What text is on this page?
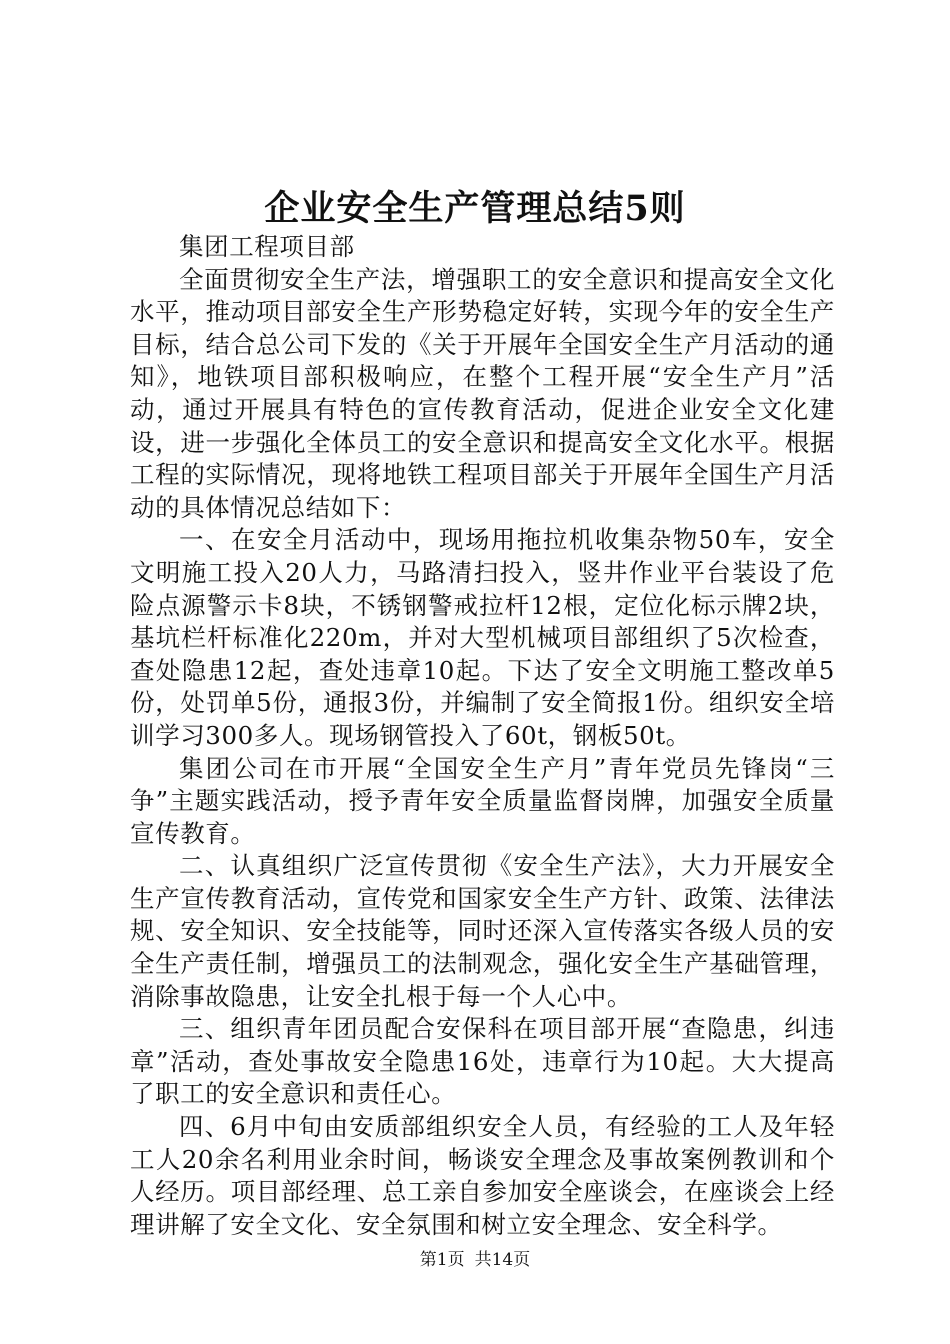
企业安全生产管理总结5则

集团工程项目部

全面贯彻安全生产法，增强职工的安全意识和提高安全文化水平，推动项目部安全生产形势稳定好转，实现今年的安全生产目标，结合总公司下发的《关于开展年全国安全生产月活动的通知》，地铁项目部积极响应，在整个工程开展“安全生产月”活动，通过开展具有特色的宣传教育活动，促进企业安全文化建设，进一步强化全体员工的安全意识和提高安全文化水平。根据工程的实际情况，现将地铁工程项目部关于开展年全国生产月活动的具体情况总结如下：

一、在安全月活动中，现场用拖拉机收集杂物50车，安全文明施工投入20人力，马路清扫投入，竖井作业平台装设了危险点源警示卡8块，不锈钢警戒拉杆12根，定位化标示牌2块，基坑栏杆标准化220m，并对大型机械项目部组织了5次检查，查处隐患12起，查处违章10起。下达了安全文明施工整改单5份，处罚单5份，通报3份，并编制了安全简报1份。组织安全培训学习300多人。现场钢管投入了60t，钢板50t。

集团公司在市开展“全国安全生产月”青年党员先锋岗“三争”主题实践活动，授予青年安全质量监督岗牌，加强安全质量宣传教育。

二、认真组织广泛宣传贯彻《安全生产法》，大力开展安全生产宣传教育活动，宣传党和国家安全生产方针、政策、法律法规、安全知识、安全技能等，同时还深入宣传落实各级人员的安全生产责任制，增强员工的法制观念，强化安全生产基础管理，消除事故隐患，让安全扎根于每一个人心中。

三、组织青年团员配合安保科在项目部开展“查隐患，纠违章”活动，查处事故安全隐患16处，违章行为10起。大大提高了职工的安全意识和责任心。

四、6月中旬由安质部组织安全人员，有经验的工人及年轻工人20余名利用业余时间，畅谈安全理念及事故案例教训和个人经历。项目部经理、总工亲自参加安全座谈会，在座谈会上经理讲解了安全文化、安全氛围和树立安全理念、安全科学。

第1页 共14页
